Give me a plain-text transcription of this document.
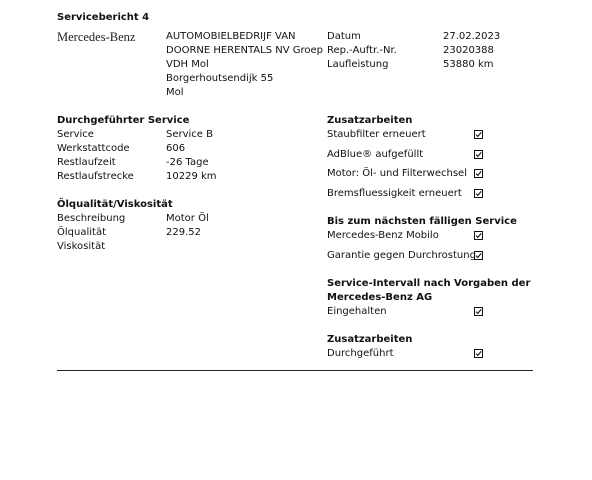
Servicebericht 4
Mercedes-Benz	AUTOMOBIELBEDRIJF VAN
DOORNE HERENTALS NV Groep
VDH Mol
Borgerhoutsendijk 55
Mol
Datum	27.02.2023
Rep.-Auftr.-Nr.	23020388
Laufleistung	53880 km
Durchgeführter Service
Service	Service B
Werkstattcode	606
Restlaufzeit	-26 Tage
Restlaufstrecke	10229 km
Ölqualität/Viskosität
Beschreibung	Motor Öl
Ölqualität	229.52
Viskosität
Zusatzarbeiten
Staubfilter erneuert
AdBlue® aufgefüllt
Motor: Öl- und Filterwechsel
Bremsfluessigkeit erneuert
Bis zum nächsten fälligen Service
Mercedes-Benz Mobilo
Garantie gegen Durchrostung
Service-Intervall nach Vorgaben der
Mercedes-Benz AG
Eingehalten
Zusatzarbeiten
Durchgeführt
